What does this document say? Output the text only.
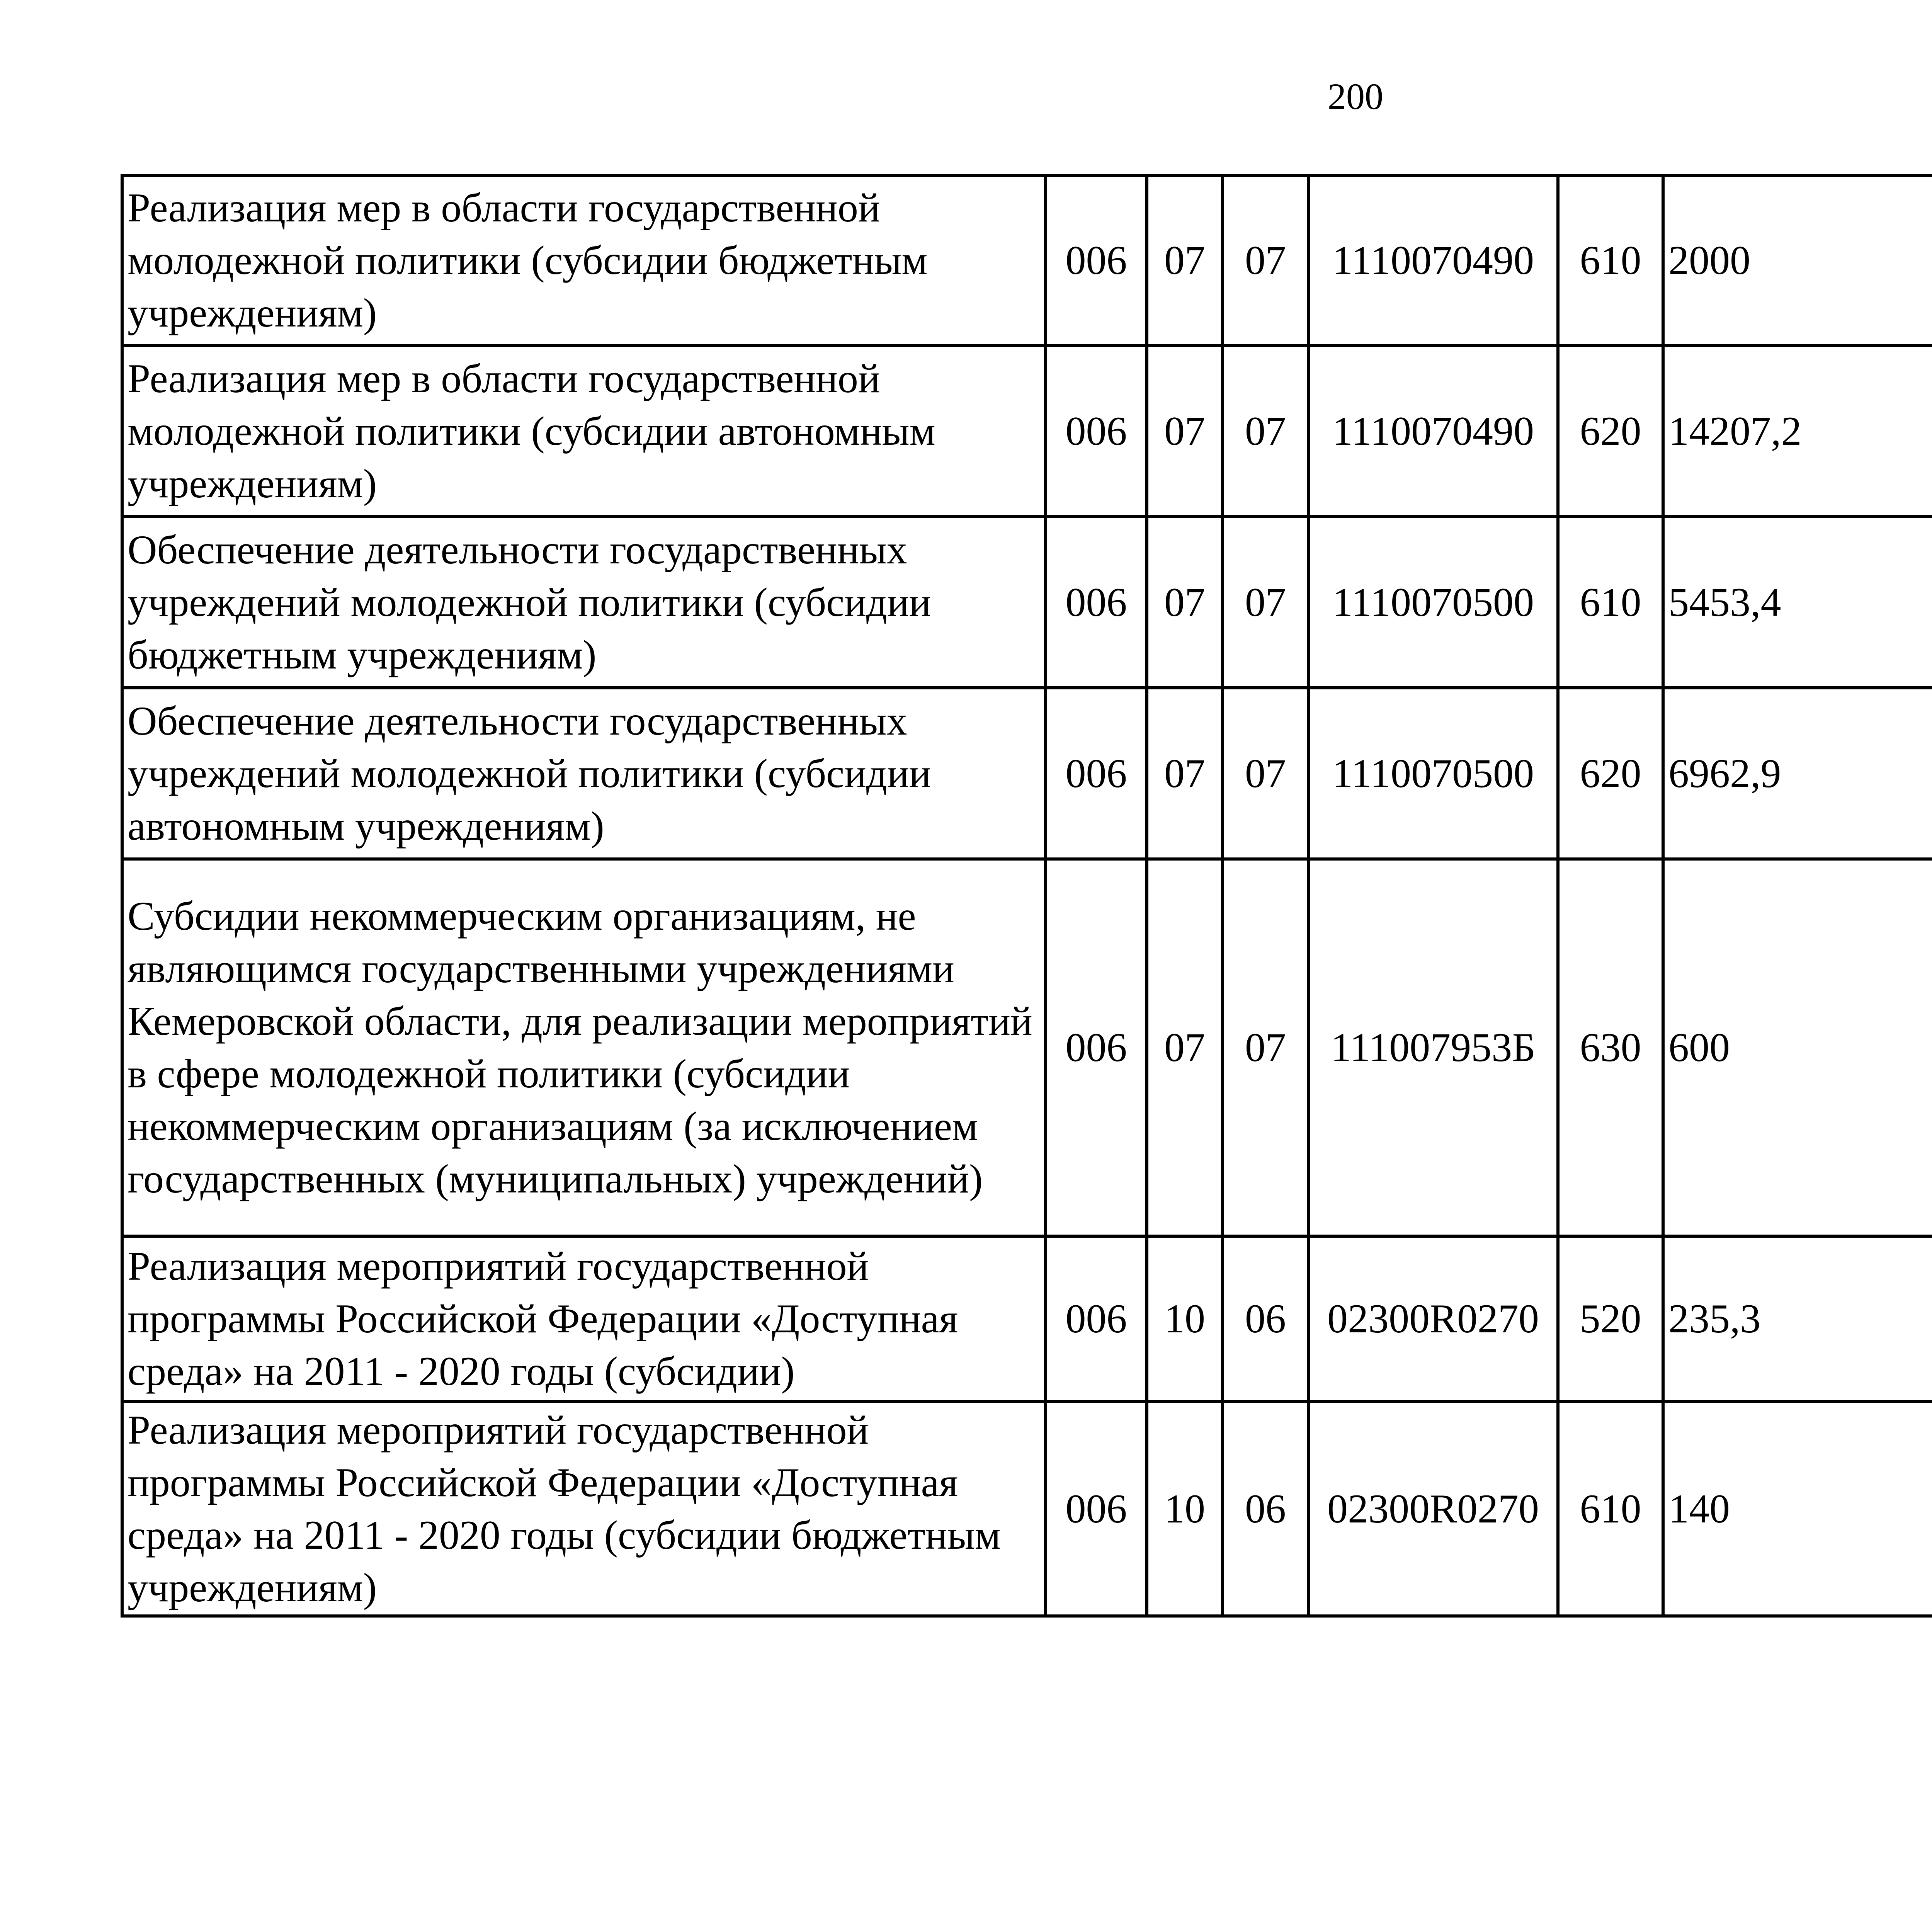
200
Реализация мер в области государственной молодежной политики (субсидии бюджетным учреждениям)	006	07	07	1110070490	610	2000		
Реализация мер в области государственной молодежной политики (субсидии автономным учреждениям)	006	07	07	1110070490	620	14207,2		
Обеспечение деятельности государственных учреждений молодежной политики (субсидии бюджетным учреждениям)	006	07	07	1110070500	610	5453,4		
Обеспечение деятельности государственных учреждений молодежной политики (субсидии автономным учреждениям)	006	07	07	1110070500	620	6962,9		
Субсидии некоммерческим организациям, не являющимся государственными учреждениями Кемеровской области, для реализации мероприятий в сфере молодежной политики (субсидии некоммерческим организациям (за исключением государственных (муниципальных) учреждений)	006	07	07	111007953Б	630	600		
Реализация мероприятий государственной программы Российской Федерации «Доступная среда» на 2011 - 2020 годы (субсидии)	006	10	06	02300R0270	520	235,3		
Реализация мероприятий государственной программы Российской Федерации «Доступная среда» на 2011 - 2020 годы (субсидии бюджетным учреждениям)	006	10	06	02300R0270	610	140		
